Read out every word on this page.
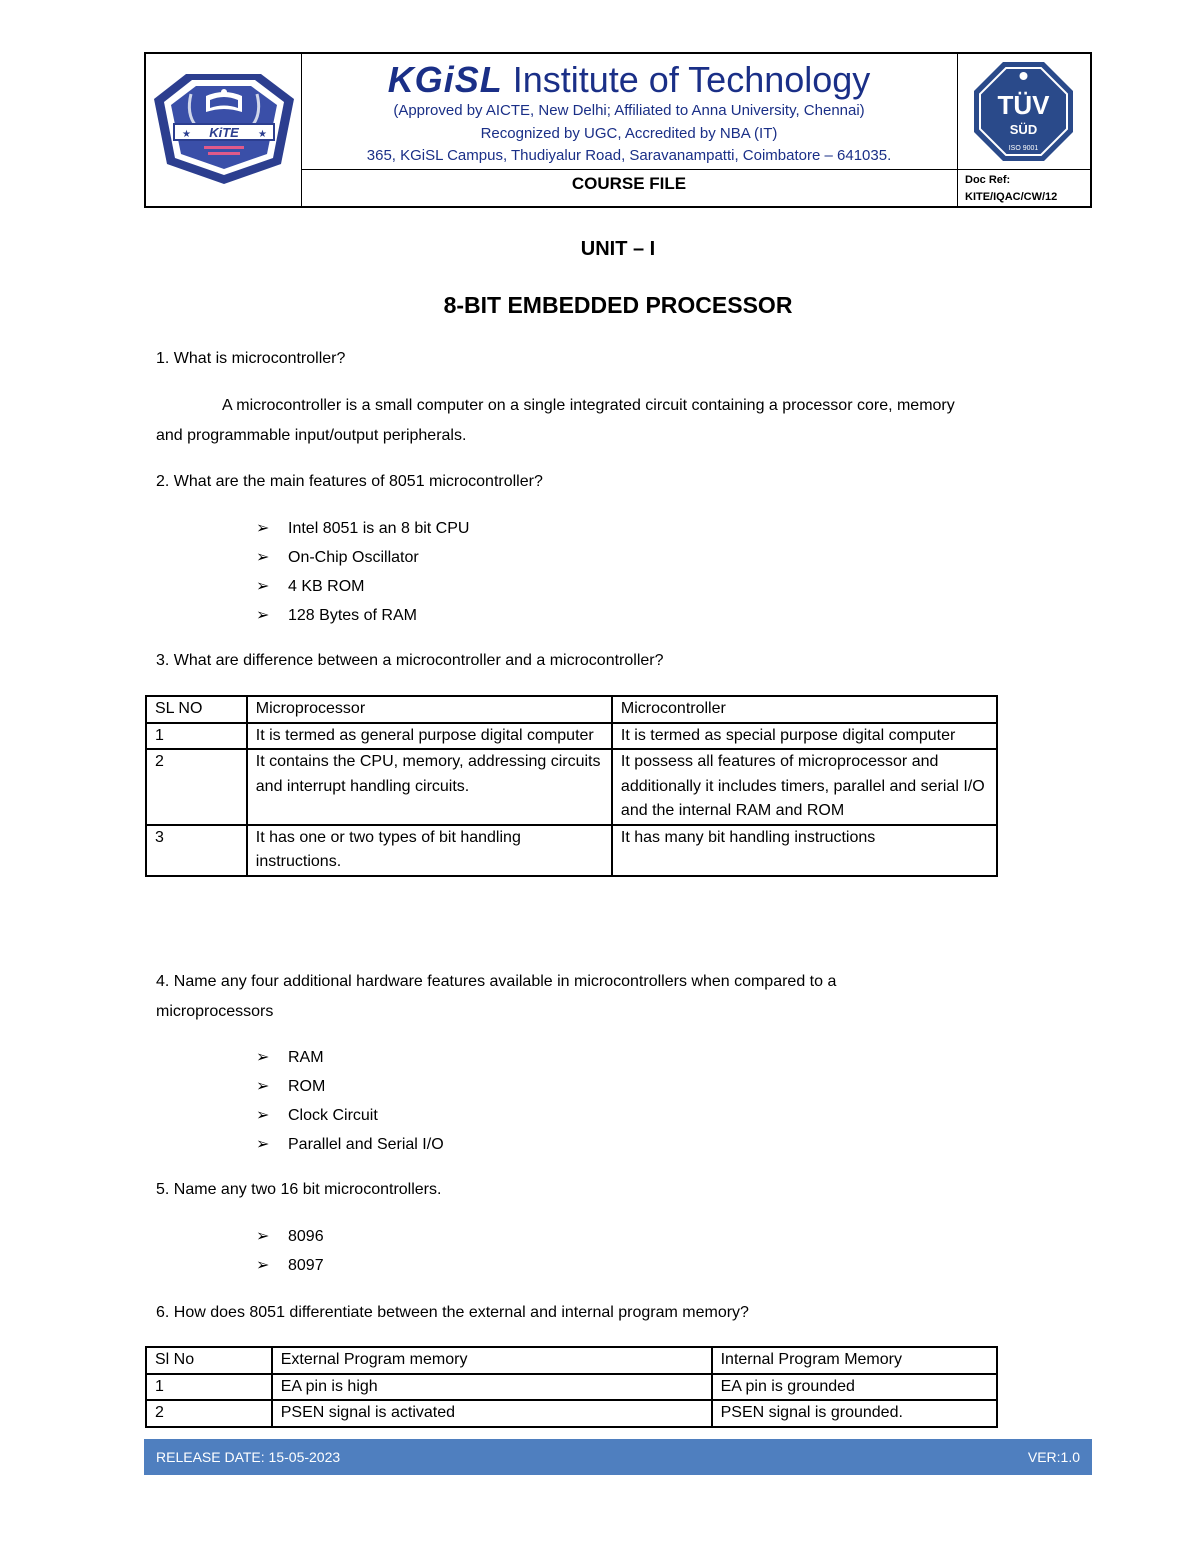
KiTE
★	★
KGiSL Institute of Technology
(Approved by AICTE, New Delhi; Affiliated to Anna University, Chennai)
Recognized by UGC, Accredited by NBA (IT)
365, KGiSL Campus, Thudiyalur Road, Saravanampatti, Coimbatore – 641035.
COURSE FILE
TÜV
SÜD
ISO 9001
Doc Ref:
KITE/IQAC/CW/12
UNIT – I
8-BIT EMBEDDED PROCESSOR
1. What is microcontroller?
A microcontroller is a small computer on a single integrated circuit containing a processor core, memory
and programmable input/output peripherals.
2. What are the main features of 8051 microcontroller?
➢ Intel 8051 is an 8 bit CPU
➢ On-Chip Oscillator
➢ 4 KB ROM
➢ 128 Bytes of RAM
3. What are difference between a microcontroller and a microcontroller?
SL NO	Microprocessor	Microcontroller
1	It is termed as general purpose digital computer	It is termed as special purpose digital computer
2	It contains the CPU, memory, addressing circuits and interrupt handling circuits.	It possess all features of microprocessor and additionally it includes timers, parallel and serial I/O and the internal RAM and ROM
3	It has one or two types of bit handling instructions.	It has many bit handling instructions
4. Name any four additional hardware features available in microcontrollers when compared to a
microprocessors
➢ RAM
➢ ROM
➢ Clock Circuit
➢ Parallel and Serial I/O
5. Name any two 16 bit microcontrollers.
➢ 8096
➢ 8097
6. How does 8051 differentiate between the external and internal program memory?
Sl No	External Program memory	Internal Program Memory
1	EA pin is high	EA pin is grounded
2	PSEN signal is activated	PSEN signal is grounded.
RELEASE DATE: 15-05-2023	VER:1.0
